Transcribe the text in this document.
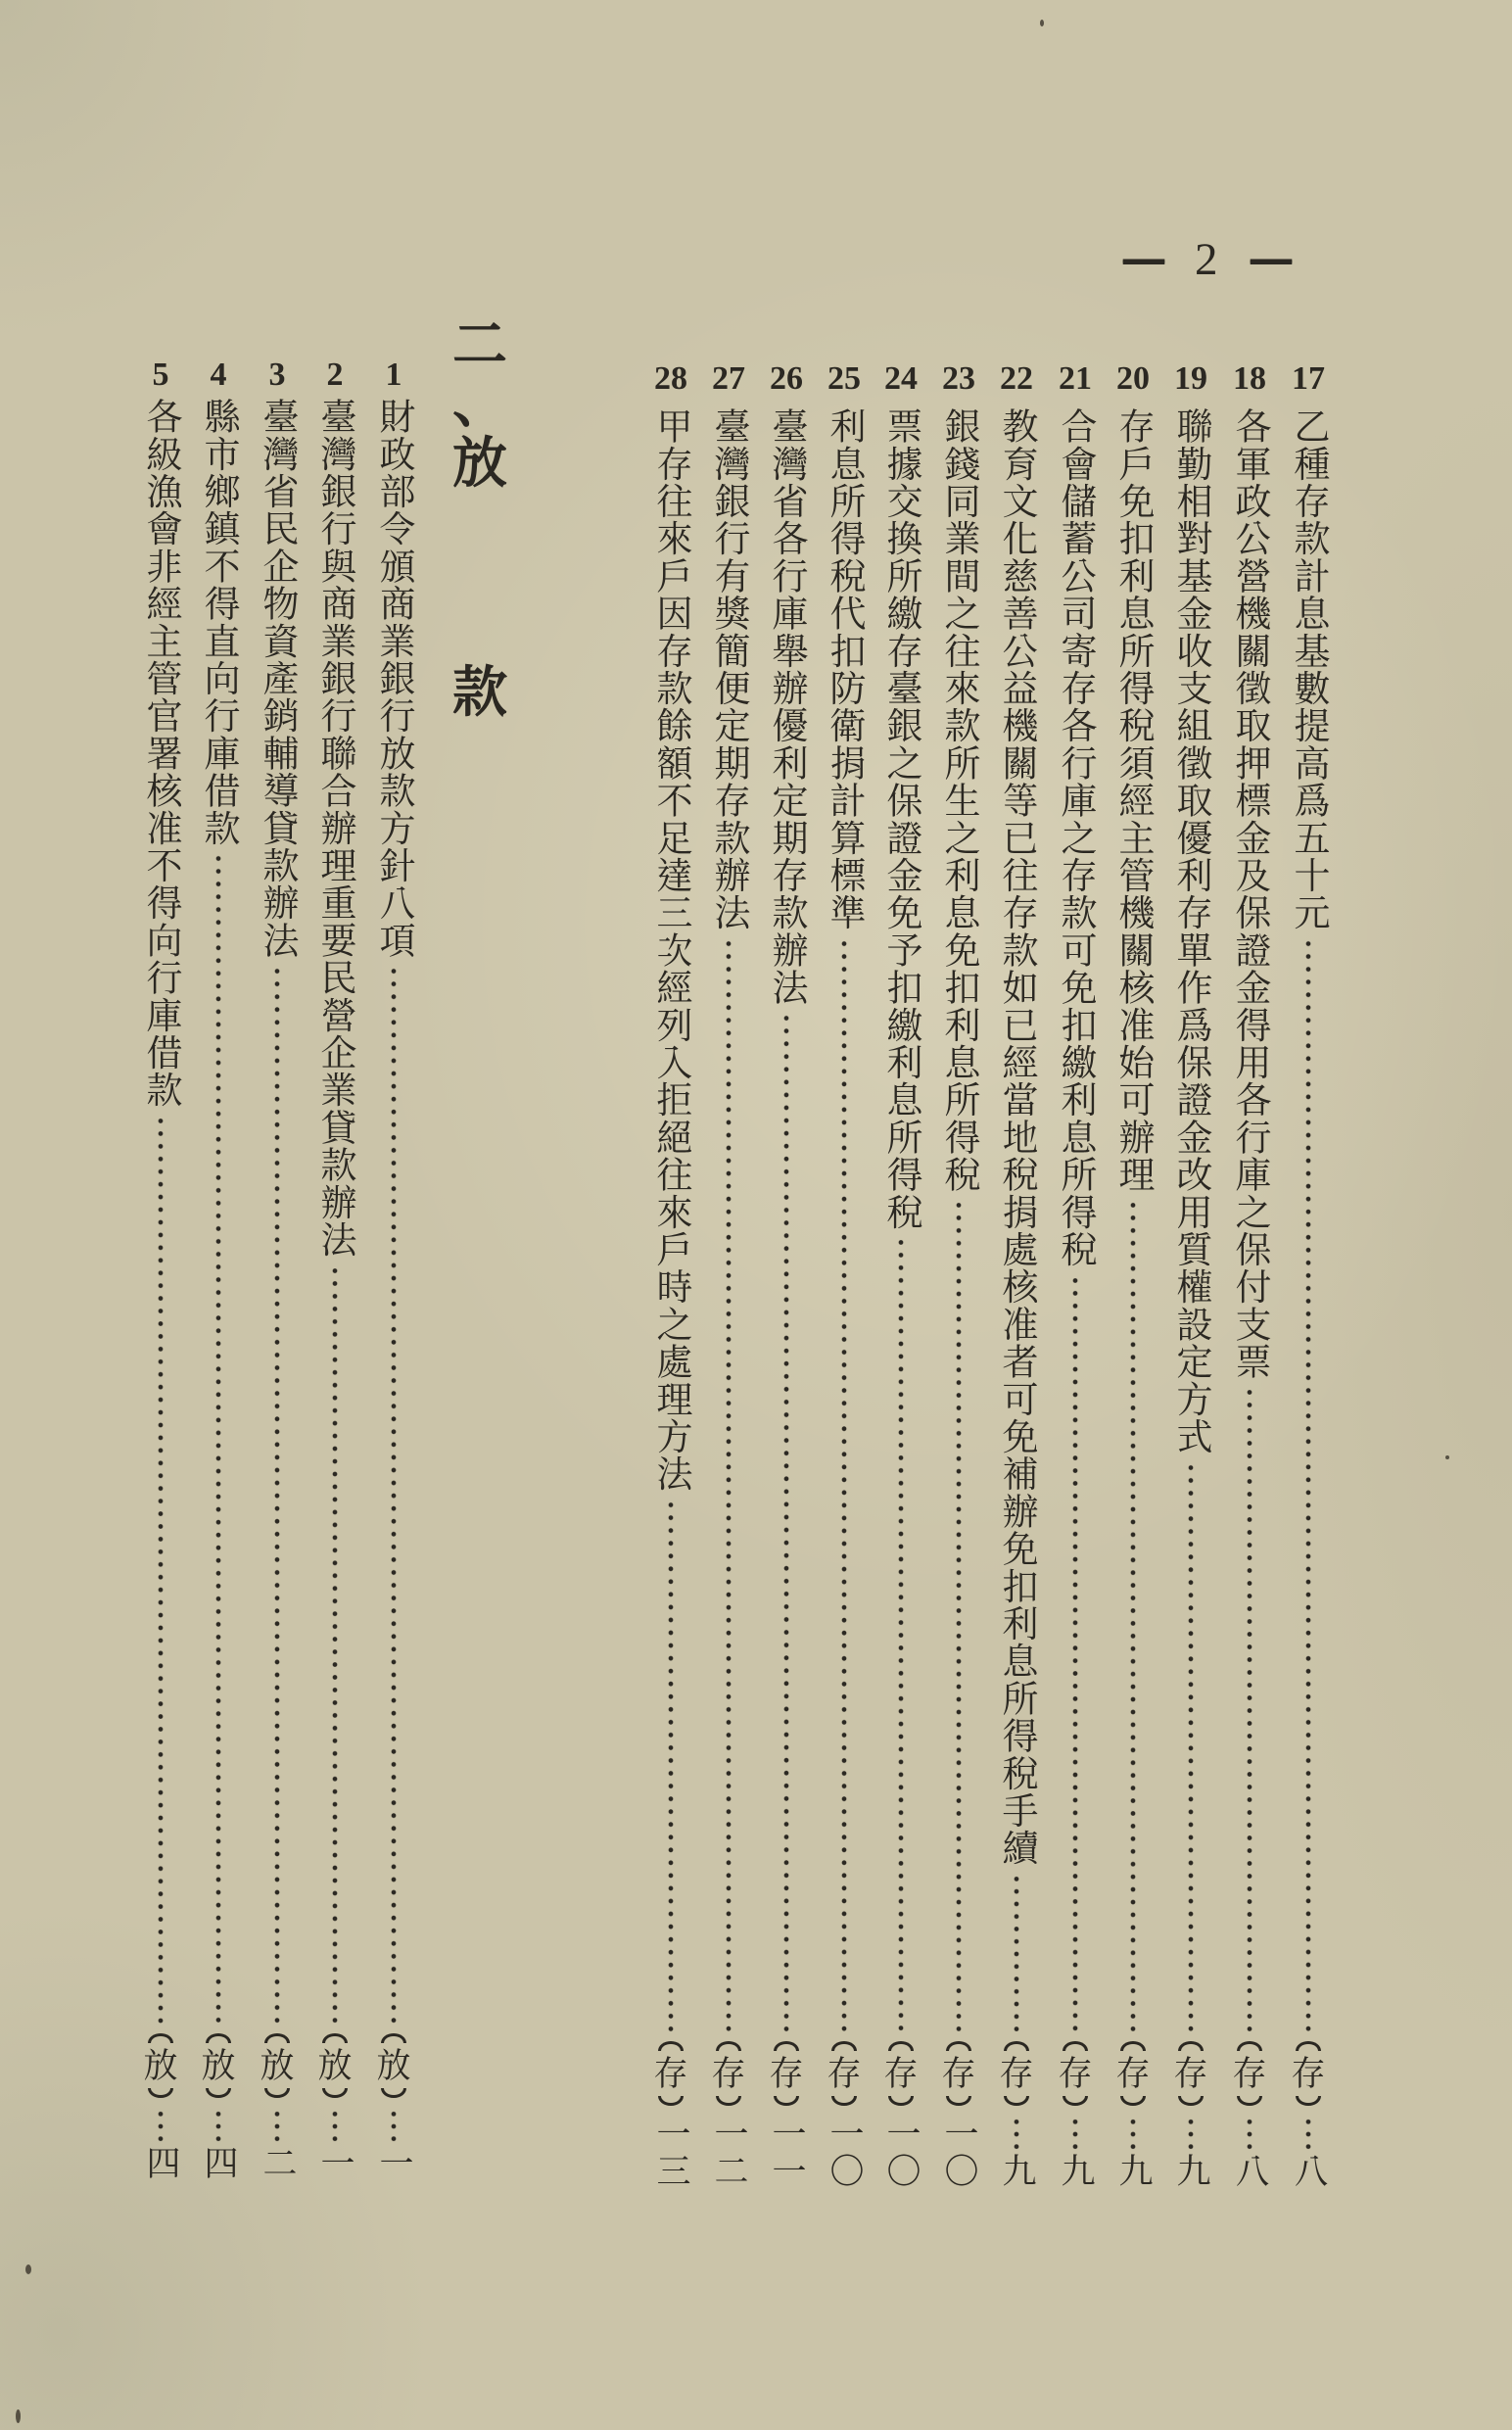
— 2 —
17
乙種存款計息基數提高爲五十元
存
八
18
各軍政公營機關徵取押標金及保證金得用各行庫之保付支票
存
八
19
聯勤相對基金收支組徵取優利存單作爲保證金改用質權設定方式
存
九
20
存戶免扣利息所得稅須經主管機關核准始可辦理
存
九
21
合會儲蓄公司寄存各行庫之存款可免扣繳利息所得稅
存
九
22
教育文化慈善公益機關等已往存款如已經當地稅捐處核准者可免補辦免扣利息所得稅手續
存
九
23
銀錢同業間之往來款所生之利息免扣利息所得稅
存
一〇
24
票據交換所繳存臺銀之保證金免予扣繳利息所得稅
存
一〇
25
利息所得稅代扣防衛捐計算標準
存
一〇
26
臺灣省各行庫舉辦優利定期存款辦法
存
一一
27
臺灣銀行有獎簡便定期存款辦法
存
一二
28
甲存往來戶因存款餘額不足達三次經列入拒絕往來戶時之處理方法
存
一三
二
、
放
款
1
財政部令頒商業銀行放款方針八項
放
一
2
臺灣銀行與商業銀行聯合辦理重要民營企業貸款辦法
放
一
3
臺灣省民企物資產銷輔導貸款辦法
放
二
4
縣市鄉鎮不得直向行庫借款
放
四
5
各級漁會非經主管官署核准不得向行庫借款
放
四
